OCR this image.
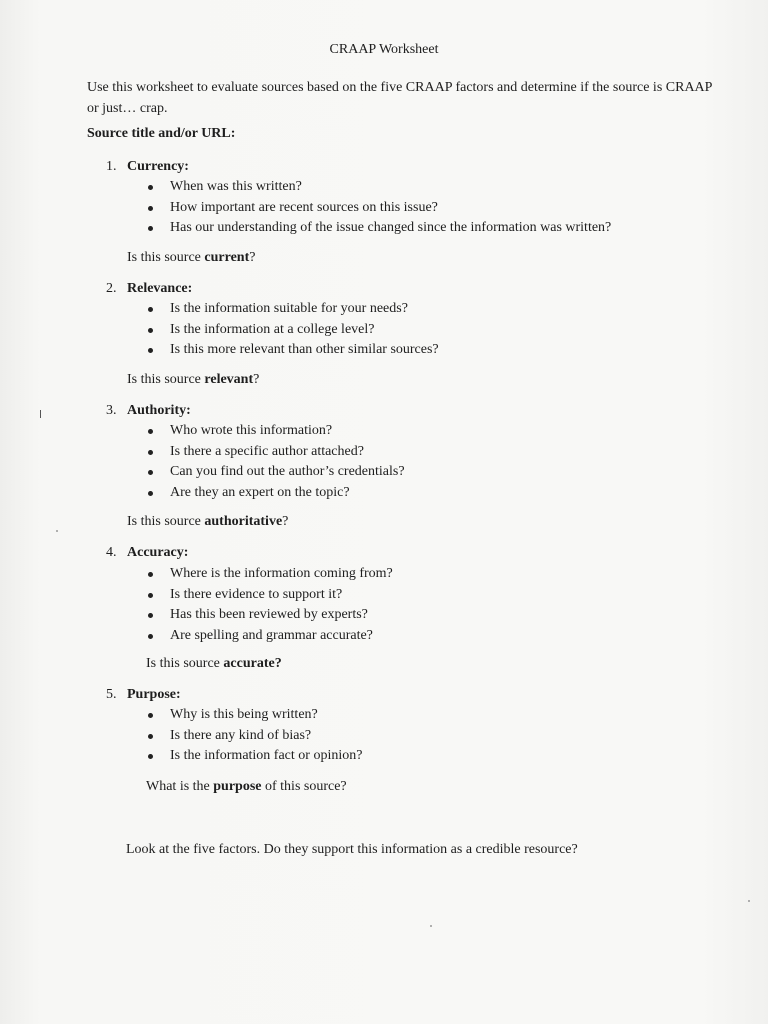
CRAAP Worksheet
Use this worksheet to evaluate sources based on the five CRAAP factors and determine if the source is CRAAP or just… crap.
Source title and/or URL:
1. Currency:
When was this written?
How important are recent sources on this issue?
Has our understanding of the issue changed since the information was written?
Is this source current?
2. Relevance:
Is the information suitable for your needs?
Is the information at a college level?
Is this more relevant than other similar sources?
Is this source relevant?
3. Authority:
Who wrote this information?
Is there a specific author attached?
Can you find out the author’s credentials?
Are they an expert on the topic?
Is this source authoritative?
4. Accuracy:
Where is the information coming from?
Is there evidence to support it?
Has this been reviewed by experts?
Are spelling and grammar accurate?
Is this source accurate?
5. Purpose:
Why is this being written?
Is there any kind of bias?
Is the information fact or opinion?
What is the purpose of this source?
Look at the five factors. Do they support this information as a credible resource?
